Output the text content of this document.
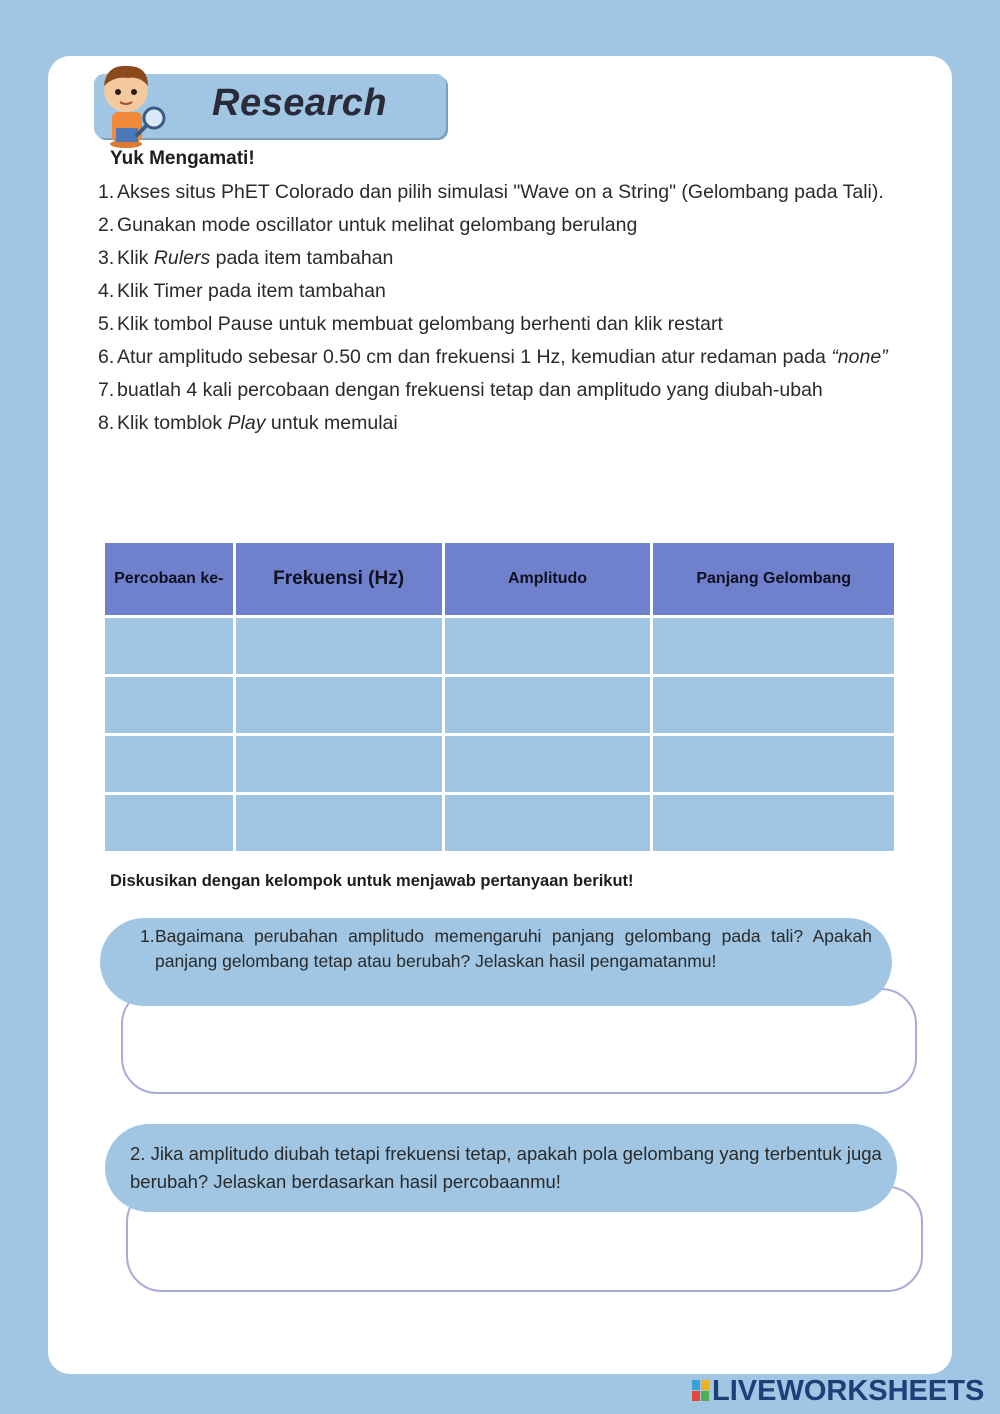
Research
Yuk Mengamati!
1. Akses situs PhET Colorado dan pilih simulasi "Wave on a String" (Gelombang pada Tali).
2. Gunakan mode oscillator untuk melihat gelombang berulang
3. Klik Rulers pada item tambahan
4. Klik Timer pada item tambahan
5. Klik tombol Pause untuk membuat gelombang berhenti dan klik restart
6. Atur amplitudo sebesar 0.50 cm dan frekuensi 1 Hz, kemudian atur redaman pada “none”
7. buatlah 4 kali percobaan dengan frekuensi tetap dan amplitudo yang diubah-ubah
8. Klik tomblok Play untuk memulai
Percobaan ke-	Frekuensi (Hz)	Amplitudo	Panjang Gelombang

Diskusikan dengan kelompok untuk menjawab pertanyaan berikut!
1. Bagaimana perubahan amplitudo memengaruhi panjang gelombang pada tali? Apakah panjang gelombang tetap atau berubah? Jelaskan hasil pengamatanmu!
2. Jika amplitudo diubah tetapi frekuensi tetap, apakah pola gelombang yang terbentuk juga berubah? Jelaskan berdasarkan hasil percobaanmu!
LIVEWORKSHEETS
